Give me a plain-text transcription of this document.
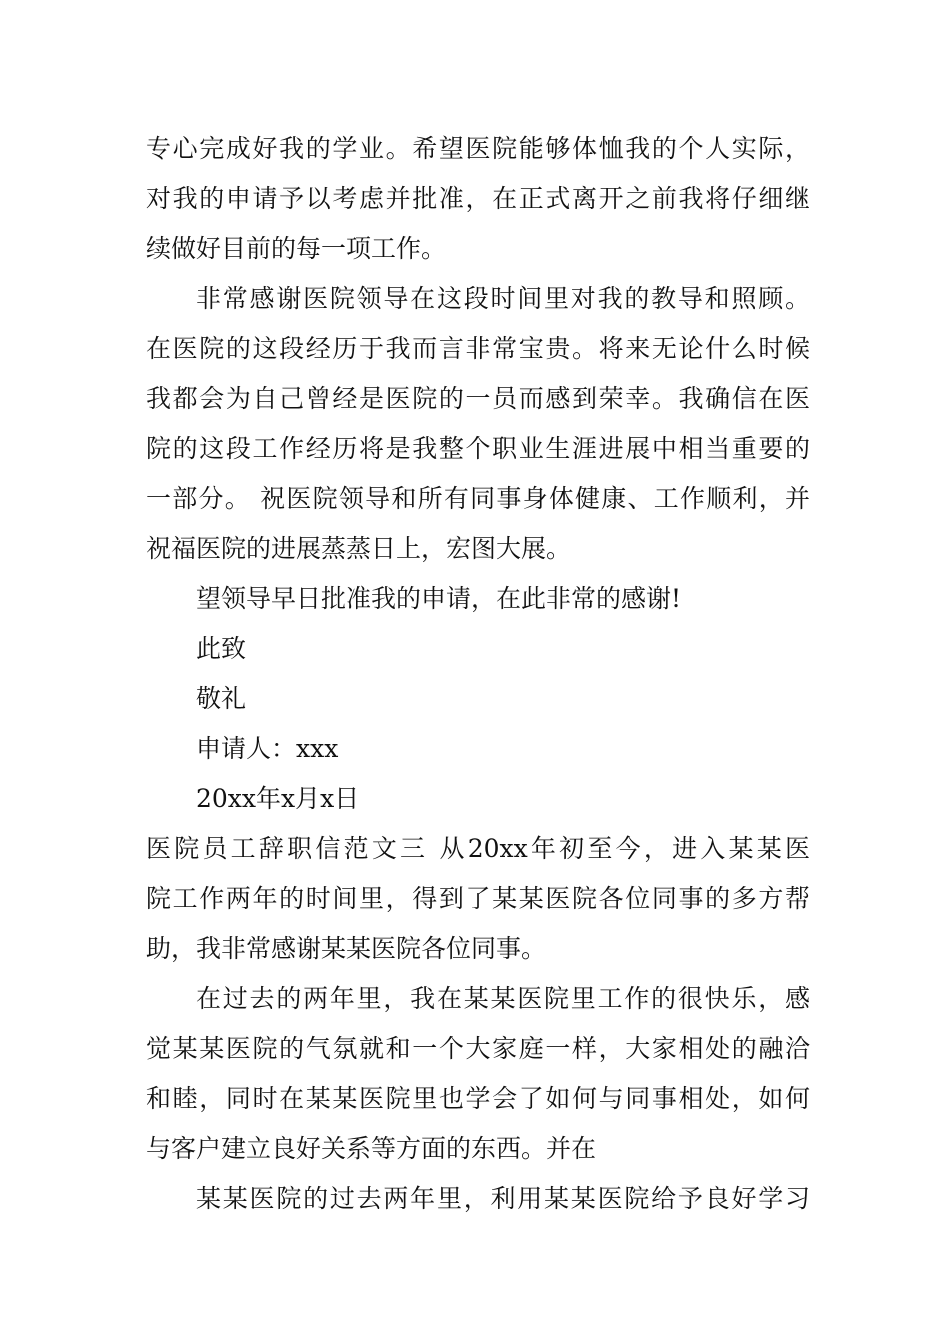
专心完成好我的学业。希望医院能够体恤我的个人实际，
对我的申请予以考虑并批准，在正式离开之前我将仔细继
续做好目前的每一项工作。
非常感谢医院领导在这段时间里对我的教导和照顾。
在医院的这段经历于我而言非常宝贵。将来无论什么时候
我都会为自己曾经是医院的一员而感到荣幸。我确信在医
院的这段工作经历将是我整个职业生涯进展中相当重要的
一部分。 祝医院领导和所有同事身体健康、工作顺利，并
祝福医院的进展蒸蒸日上，宏图大展。
望领导早日批准我的申请，在此非常的感谢!
此致
敬礼
申请人：xxx
20xx年x月x日
医院员工辞职信范文三 从20xx年初至今，进入某某医
院工作两年的时间里，得到了某某医院各位同事的多方帮
助，我非常感谢某某医院各位同事。
在过去的两年里，我在某某医院里工作的很快乐，感
觉某某医院的气氛就和一个大家庭一样，大家相处的融洽
和睦，同时在某某医院里也学会了如何与同事相处，如何
与客户建立良好关系等方面的东西。并在
某某医院的过去两年里，利用某某医院给予良好学习
